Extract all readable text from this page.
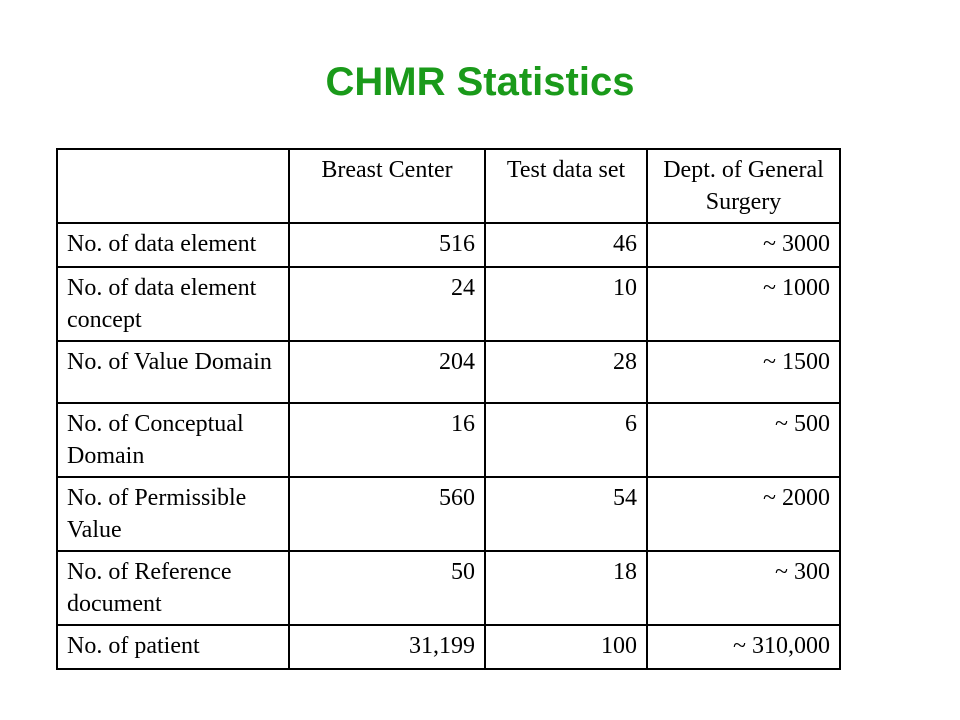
CHMR Statistics
	Breast Center	Test data set	Dept. of General Surgery
No. of data element	516	46	~ 3000
No. of data element concept	24	10	~ 1000
No. of Value Domain	204	28	~ 1500
No. of Conceptual Domain	16	6	~ 500
No. of Permissible Value	560	54	~ 2000
No. of Reference document	50	18	~ 300
No. of patient	31,199	100	~ 310,000
